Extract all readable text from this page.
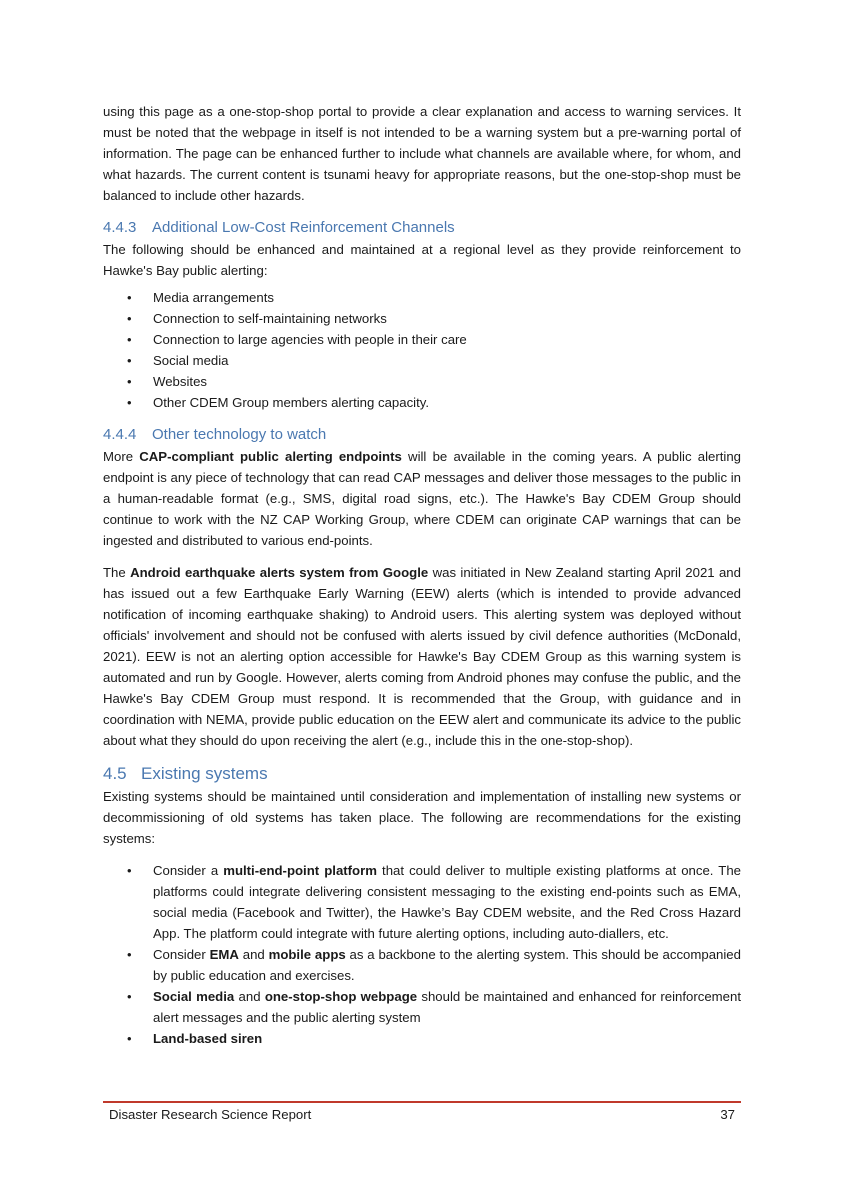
using this page as a one-stop-shop portal to provide a clear explanation and access to warning services. It must be noted that the webpage in itself is not intended to be a warning system but a pre-warning portal of information. The page can be enhanced further to include what channels are available where, for whom, and what hazards. The current content is tsunami heavy for appropriate reasons, but the one-stop-shop must be balanced to include other hazards.

4.4.3 Additional Low-Cost Reinforcement Channels

The following should be enhanced and maintained at a regional level as they provide reinforcement to Hawke's Bay public alerting:

• Media arrangements
• Connection to self-maintaining networks
• Connection to large agencies with people in their care
• Social media
• Websites
• Other CDEM Group members alerting capacity.
4.4.4 Other technology to watch

More CAP-compliant public alerting endpoints will be available in the coming years. A public alerting endpoint is any piece of technology that can read CAP messages and deliver those messages to the public in a human-readable format (e.g., SMS, digital road signs, etc.). The Hawke's Bay CDEM Group should continue to work with the NZ CAP Working Group, where CDEM can originate CAP warnings that can be ingested and distributed to various end-points.

The Android earthquake alerts system from Google was initiated in New Zealand starting April 2021 and has issued out a few Earthquake Early Warning (EEW) alerts (which is intended to provide advanced notification of incoming earthquake shaking) to Android users. This alerting system was deployed without officials' involvement and should not be confused with alerts issued by civil defence authorities (McDonald, 2021). EEW is not an alerting option accessible for Hawke's Bay CDEM Group as this warning system is automated and run by Google. However, alerts coming from Android phones may confuse the public, and the Hawke's Bay CDEM Group must respond. It is recommended that the Group, with guidance and in coordination with NEMA, provide public education on the EEW alert and communicate its advice to the public about what they should do upon receiving the alert (e.g., include this in the one-stop-shop).

4.5 Existing systems

Existing systems should be maintained until consideration and implementation of installing new systems or decommissioning of old systems has taken place. The following are recommendations for the existing systems:

• Consider a multi-end-point platform that could deliver to multiple existing platforms at once. The platforms could integrate delivering consistent messaging to the existing end-points such as EMA, social media (Facebook and Twitter), the Hawke’s Bay CDEM website, and the Red Cross Hazard App. The platform could integrate with future alerting options, including auto-diallers, etc.
• Consider EMA and mobile apps as a backbone to the alerting system. This should be accompanied by public education and exercises.
• Social media and one-stop-shop webpage should be maintained and enhanced for reinforcement alert messages and the public alerting system
• Land-based siren
Disaster Research Science Report	37
